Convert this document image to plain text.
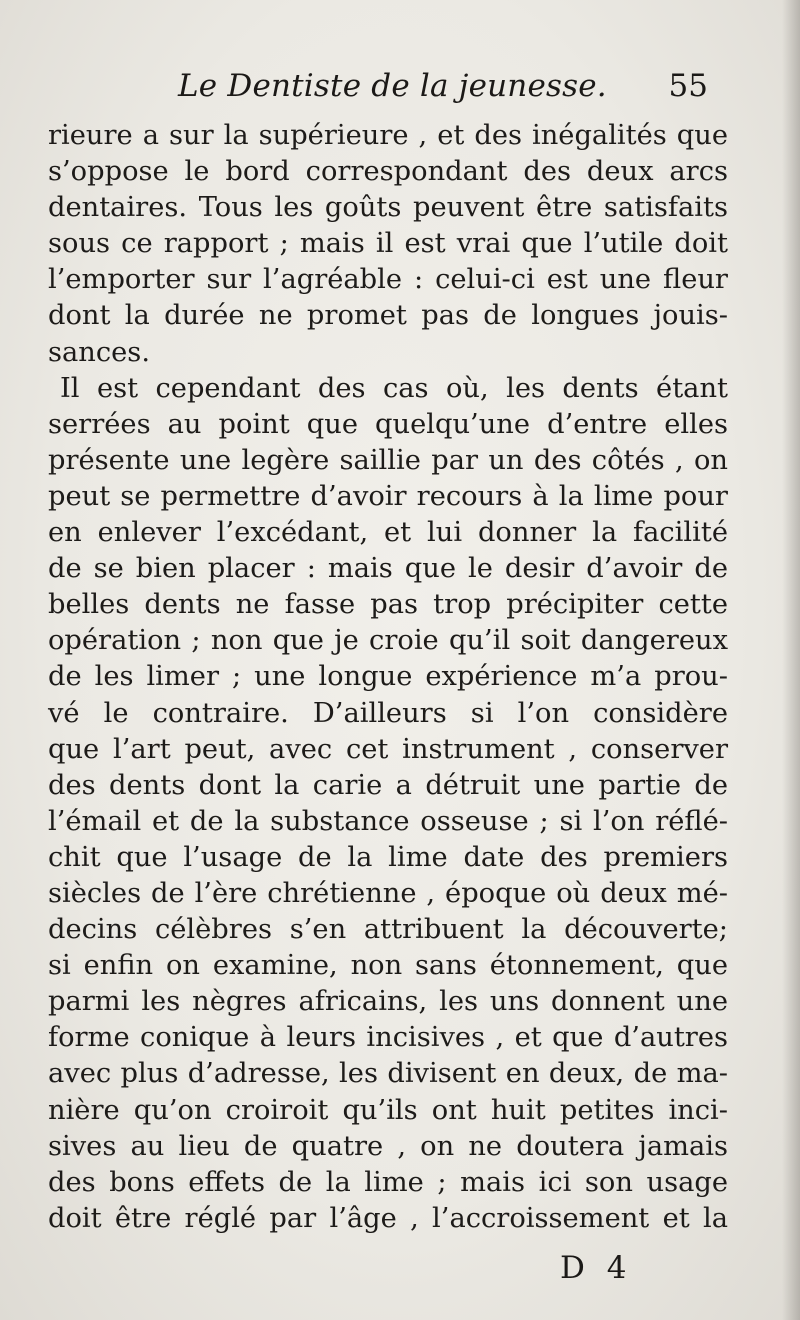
Le Dentiste de la jeunesse. 55
rieure a sur la supérieure , et des inégalités que
s’oppose le bord correspondant des deux arcs
dentaires. Tous les goûts peuvent être satisfaits
sous ce rapport ; mais il est vrai que l’utile doit
l’emporter sur l’agréable : celui-ci est une fleur
dont la durée ne promet pas de longues jouis-
sances.
Il est cependant des cas où, les dents étant
serrées au point que quelqu’une d’entre elles
présente une legère saillie par un des côtés , on
peut se permettre d’avoir recours à la lime pour
en enlever l’excédant, et lui donner la facilité
de se bien placer : mais que le desir d’avoir de
belles dents ne fasse pas trop précipiter cette
opération ; non que je croie qu’il soit dangereux
de les limer ; une longue expérience m’a prou-
vé le contraire. D’ailleurs si l’on considère
que l’art peut, avec cet instrument , conserver
des dents dont la carie a détruit une partie de
l’émail et de la substance osseuse ; si l’on réflé-
chit que l’usage de la lime date des premiers
siècles de l’ère chrétienne , époque où deux mé-
decins célèbres s’en attribuent la découverte;
si enfin on examine, non sans étonnement, que
parmi les nègres africains, les uns donnent une
forme conique à leurs incisives , et que d’autres
avec plus d’adresse, les divisent en deux, de ma-
nière qu’on croiroit qu’ils ont huit petites inci-
sives au lieu de quatre , on ne doutera jamais
des bons effets de la lime ; mais ici son usage
doit être réglé par l’âge , l’accroissement et la
D 4
